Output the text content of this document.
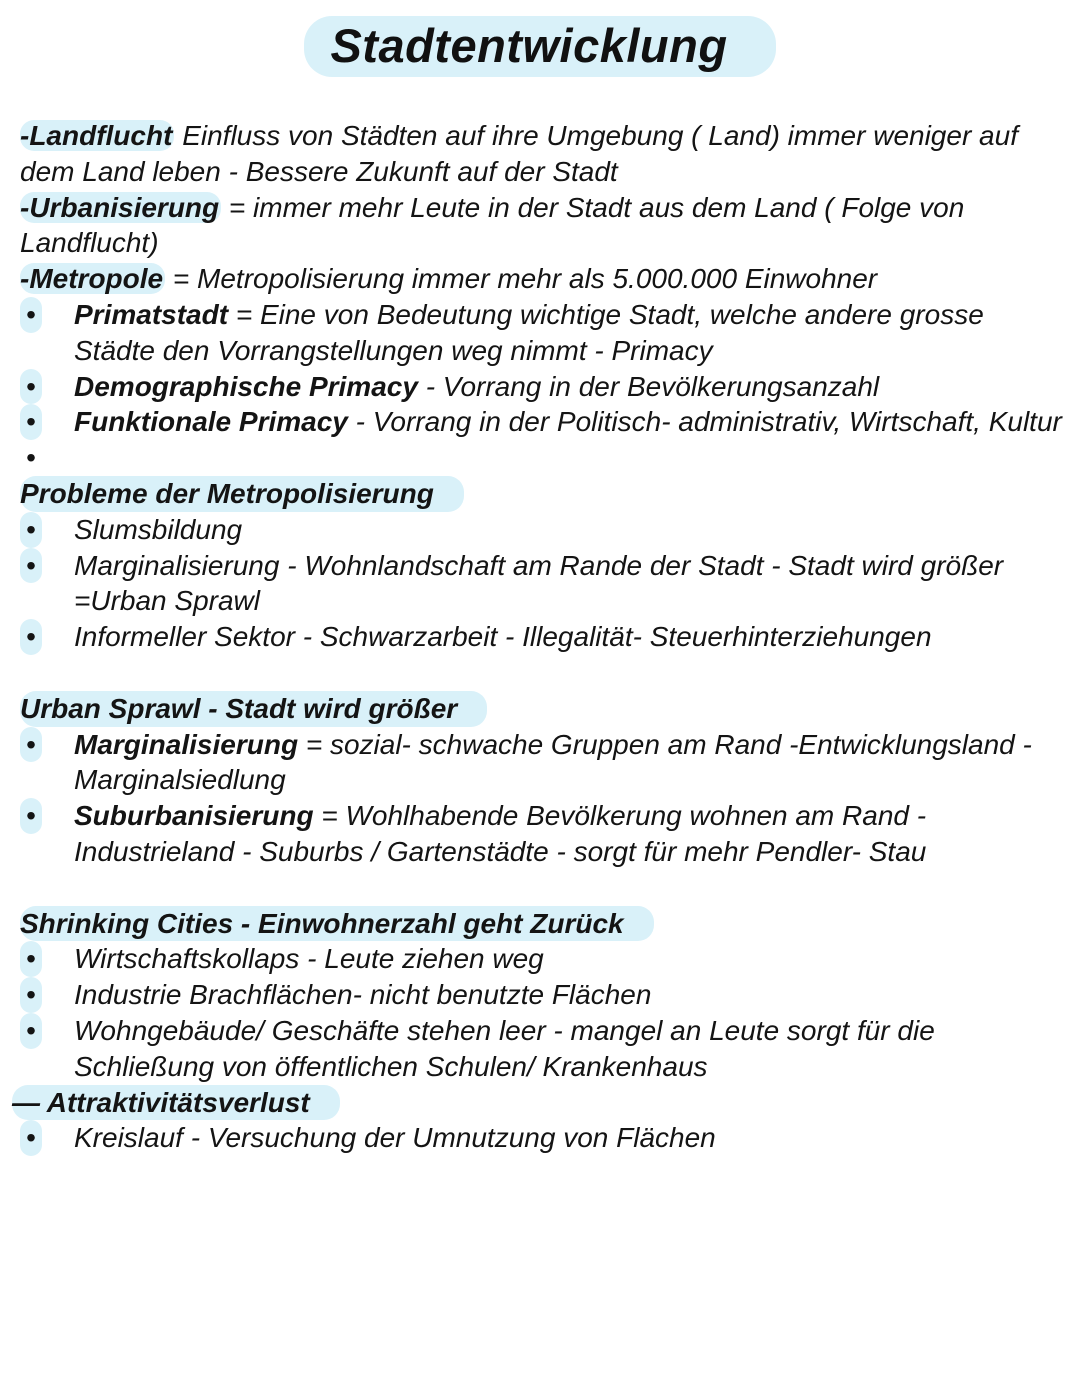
Stadtentwicklung

-Landflucht Einfluss von Städten auf ihre Umgebung ( Land) immer weniger auf dem Land leben - Bessere Zukunft auf der Stadt

-Urbanisierung = immer mehr Leute in der Stadt aus dem Land ( Folge von Landflucht)

-Metropole = Metropolisierung immer mehr als 5.000.000 Einwohner

• Primatstadt = Eine von Bedeutung wichtige Stadt, welche andere grosse Städte den Vorrangstellungen weg nimmt - Primacy
• Demographische Primacy - Vorrang in der Bevölkerungsanzahl
• Funktionale Primacy - Vorrang in der Politisch- administrativ, Wirtschaft, Kultur
•

Probleme der Metropolisierung
• Slumsbildung
• Marginalisierung - Wohnlandschaft am Rande der Stadt - Stadt wird größer =Urban Sprawl
• Informeller Sektor - Schwarzarbeit - Illegalität- Steuerhinterziehungen
Urban Sprawl - Stadt wird größer
• Marginalisierung = sozial- schwache Gruppen am Rand -Entwicklungsland - Marginalsiedlung
• Suburbanisierung = Wohlhabende Bevölkerung wohnen am Rand - Industrieland - Suburbs / Gartenstädte - sorgt für mehr Pendler- Stau
Shrinking Cities - Einwohnerzahl geht Zurück
• Wirtschaftskollaps - Leute ziehen weg
• Industrie Brachflächen- nicht benutzte Flächen
• Wohngebäude/ Geschäfte stehen leer - mangel an Leute sorgt für die Schließung von öffentlichen Schulen/ Krankenhaus
— Attraktivitätsverlust
• Kreislauf - Versuchung der Umnutzung von Flächen
